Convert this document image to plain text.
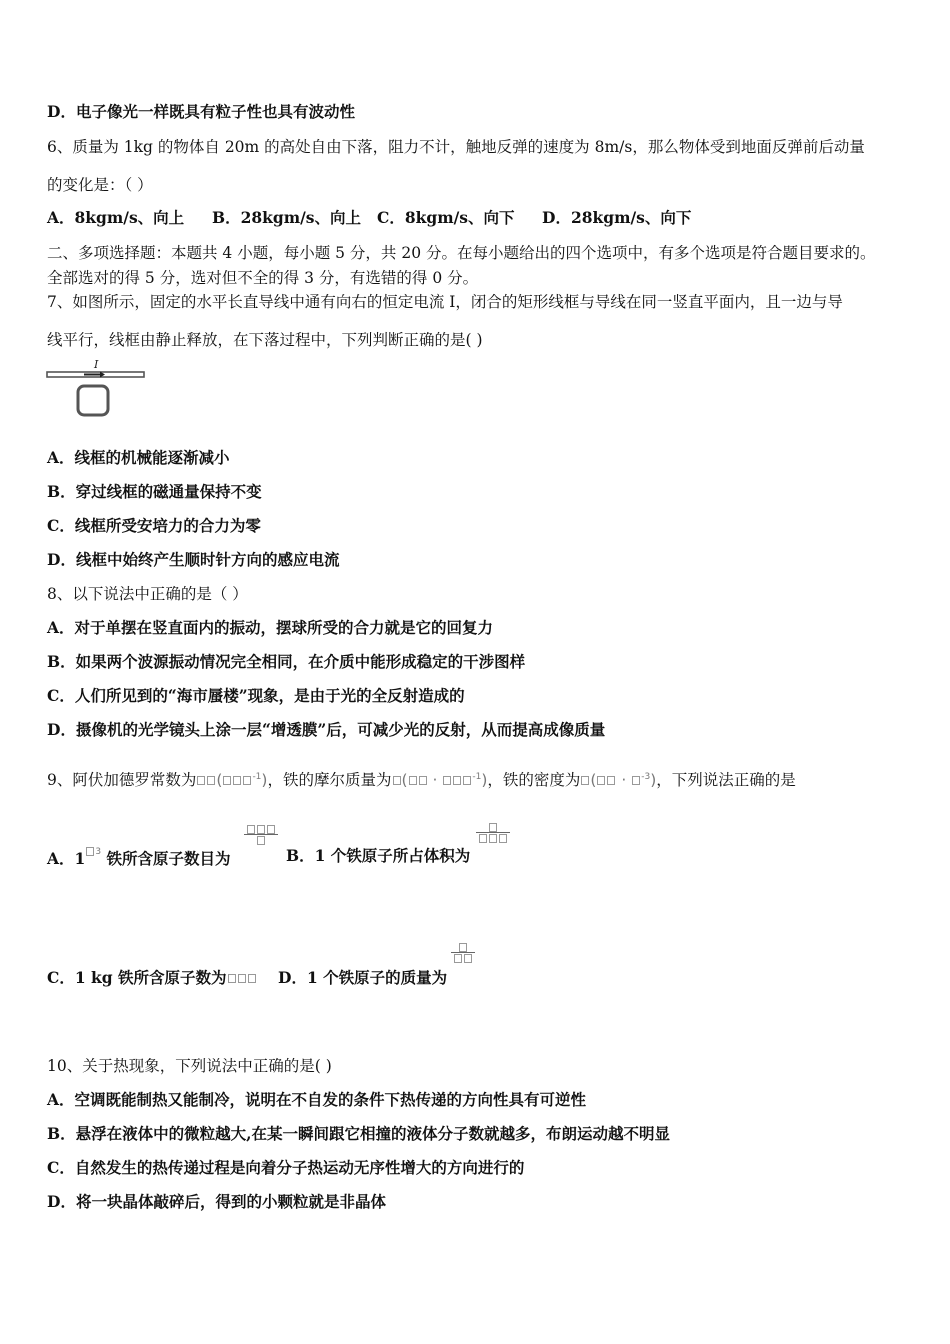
D．电子像光一样既具有粒子性也具有波动性
6、质量为 1kg 的物体自 20m 的高处自由下落，阻力不计，触地反弹的速度为 8m/s，那么物体受到地面反弹前后动量
的变化是：（ ）
A．8kgm/s、向上 B．28kgm/s、向上 C．8kgm/s、向下 D．28kgm/s、向下
二、多项选择题：本题共 4 小题，每小题 5 分，共 20 分。在每小题给出的四个选项中，有多个选项是符合题目要求的。
全部选对的得 5 分，选对但不全的得 3 分，有选错的得 0 分。
7、如图所示，固定的水平长直导线中通有向右的恒定电流 I，闭合的矩形线框与导线在同一竖直平面内，且一边与导
线平行，线框由静止释放，在下落过程中，下列判断正确的是( )
I
A．线框的机械能逐渐减小
B．穿过线框的磁通量保持不变
C．线框所受安培力的合力为零
D．线框中始终产生顺时针方向的感应电流
8、以下说法中正确的是（ ）
A．对于单摆在竖直面内的振动，摆球所受的合力就是它的回复力
B．如果两个波源振动情况完全相同，在介质中能形成稳定的干涉图样
C．人们所见到的“海市蜃楼”现象，是由于光的全反射造成的
D．摄像机的光学镜头上涂一层“增透膜”后，可减少光的反射，从而提高成像质量
9、阿伏加德罗常数为 (	$^{-1}$)，铁的摩尔质量为 ( ·	$^{-1}$)，铁的密度为 ( · $^{-3}$)，下列说法正确的是
A．1 $^3$ 铁所含原子数目为	B．1 个铁原子所占体积为
C．1 kg 铁所含原子数为	D．1 个铁原子的质量为
10、关于热现象，下列说法中正确的是( )
A．空调既能制热又能制冷，说明在不自发的条件下热传递的方向性具有可逆性
B．悬浮在液体中的微粒越大,在某一瞬间跟它相撞的液体分子数就越多，布朗运动越不明显
C．自然发生的热传递过程是向着分子热运动无序性增大的方向进行的
D．将一块晶体敲碎后，得到的小颗粒就是非晶体
